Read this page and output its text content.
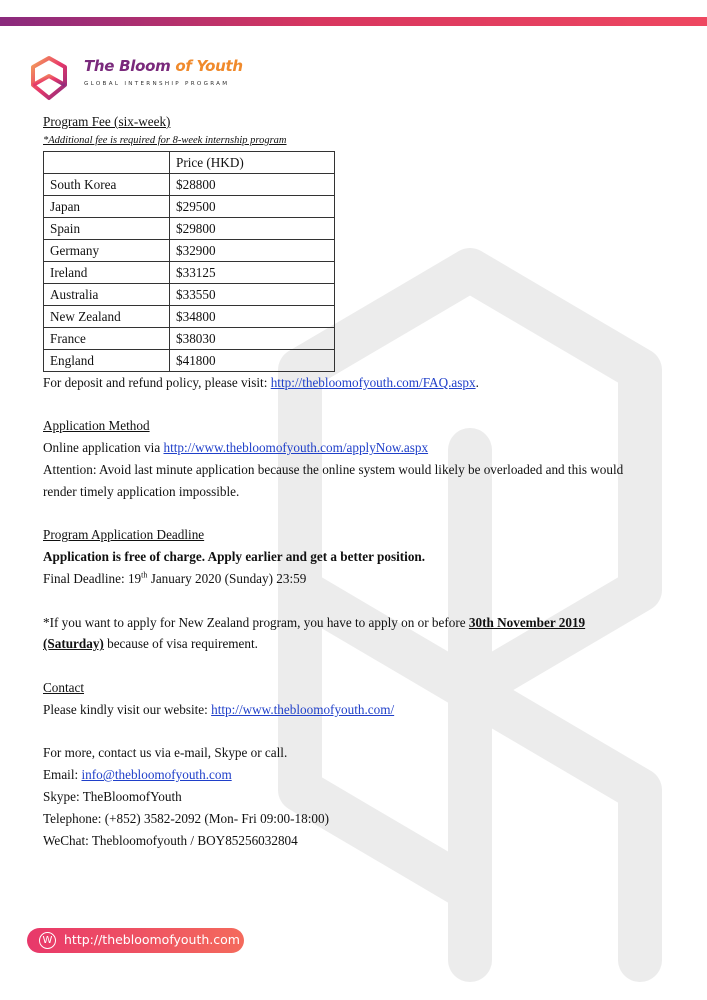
The Bloom of Youth
GLOBAL INTERNSHIP PROGRAM
Program Fee (six-week)
*Additional fee is required for 8-week internship program
	Price (HKD)
South Korea	$28800
Japan	$29500
Spain	$29800
Germany	$32900
Ireland	$33125
Australia	$33550
New Zealand	$34800
France	$38030
England	$41800
For deposit and refund policy, please visit: http://thebloomofyouth.com/FAQ.aspx.
Application Method
Online application via http://www.thebloomofyouth.com/applyNow.aspx
Attention: Avoid last minute application because the online system would likely be overloaded and this would
render timely application impossible.
Program Application Deadline
Application is free of charge. Apply earlier and get a better position.
Final Deadline: 19th January 2020 (Sunday) 23:59
*If you want to apply for New Zealand program, you have to apply on or before 30th November 2019
(Saturday) because of visa requirement.
Contact
Please kindly visit our website: http://www.thebloomofyouth.com/
For more, contact us via e-mail, Skype or call.
Email: info@thebloomofyouth.com
Skype: TheBloomofYouth
Telephone: (+852) 3582-2092 (Mon- Fri 09:00-18:00)
WeChat: Thebloomofyouth / BOY85256032804
W http://thebloomofyouth.com
